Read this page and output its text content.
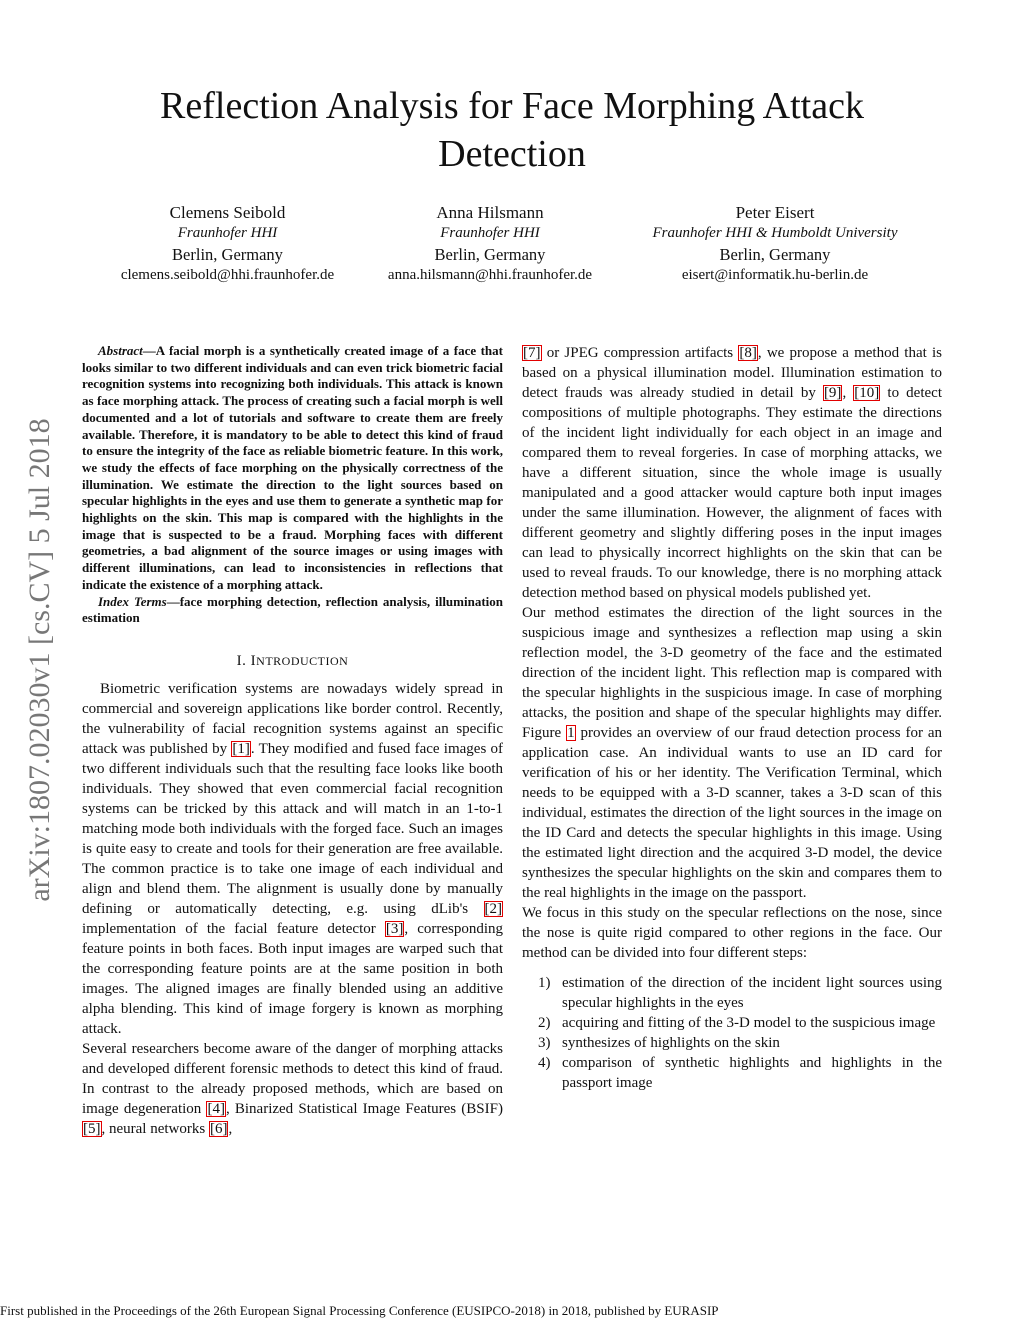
Reflection Analysis for Face Morphing Attack Detection
Clemens Seibold
Fraunhofer HHI
Berlin, Germany
clemens.seibold@hhi.fraunhofer.de
Anna Hilsmann
Fraunhofer HHI
Berlin, Germany
anna.hilsmann@hhi.fraunhofer.de
Peter Eisert
Fraunhofer HHI & Humboldt University
Berlin, Germany
eisert@informatik.hu-berlin.de
arXiv:1807.02030v1 [cs.CV] 5 Jul 2018

Abstract—A facial morph is a synthetically created image of a face that looks similar to two different individuals and can even trick biometric facial recognition systems into recognizing both individuals. This attack is known as face morphing attack. The process of creating such a facial morph is well documented and a lot of tutorials and software to create them are freely available. Therefore, it is mandatory to be able to detect this kind of fraud to ensure the integrity of the face as reliable biometric feature. In this work, we study the effects of face morphing on the physically correctness of the illumination. We estimate the direction to the light sources based on specular highlights in the eyes and use them to generate a synthetic map for highlights on the skin. This map is compared with the highlights in the image that is suspected to be a fraud. Morphing faces with different geometries, a bad alignment of the source images or using images with different illuminations, can lead to inconsistencies in reflections that indicate the existence of a morphing attack.

Index Terms—face morphing detection, reflection analysis, illumination estimation

I. INTRODUCTION

Biometric verification systems are nowadays widely spread in commercial and sovereign applications like border control. Recently, the vulnerability of facial recognition systems against an specific attack was published by [1]. They modified and fused face images of two different individuals such that the resulting face looks like booth individuals. They showed that even commercial facial recognition systems can be tricked by this attack and will match in an 1-to-1 matching mode both individuals with the forged face. Such an images is quite easy to create and tools for their generation are free available. The common practice is to take one image of each individual and align and blend them. The alignment is usually done by manually defining or automatically detecting, e.g. using dLib's [2] implementation of the facial feature detector [3], corresponding feature points in both faces. Both input images are warped such that the corresponding feature points are at the same position in both images. The aligned images are finally blended using an additive alpha blending. This kind of image forgery is known as morphing attack.

Several researchers become aware of the danger of morphing attacks and developed different forensic methods to detect this kind of fraud. In contrast to the already proposed methods, which are based on image degeneration [4], Binarized Statistical Image Features (BSIF) [5], neural networks [6],

[7] or JPEG compression artifacts [8], we propose a method that is based on a physical illumination model. Illumination estimation to detect frauds was already studied in detail by [9], [10] to detect compositions of multiple photographs. They estimate the directions of the incident light individually for each object in an image and compared them to reveal forgeries. In case of morphing attacks, we have a different situation, since the whole image is usually manipulated and a good attacker would capture both input images under the same illumination. However, the alignment of faces with different geometry and slightly differing poses in the input images can lead to physically incorrect highlights on the skin that can be used to reveal frauds. To our knowledge, there is no morphing attack detection method based on physical models published yet.

Our method estimates the direction of the light sources in the suspicious image and synthesizes a reflection map using a skin reflection model, the 3-D geometry of the face and the estimated direction of the incident light. This reflection map is compared with the specular highlights in the suspicious image. In case of morphing attacks, the position and shape of the specular highlights may differ. Figure 1 provides an overview of our fraud detection process for an application case. An individual wants to use an ID card for verification of his or her identity. The Verification Terminal, which needs to be equipped with a 3-D scanner, takes a 3-D scan of this individual, estimates the direction of the light sources in the image on the ID Card and detects the specular highlights in this image. Using the estimated light direction and the acquired 3-D model, the device synthesizes the specular highlights on the skin and compares them to the real highlights in the image on the passport.

We focus in this study on the specular reflections on the nose, since the nose is quite rigid compared to other regions in the face. Our method can be divided into four different steps:

1) estimation of the direction of the incident light sources using specular highlights in the eyes
2) acquiring and fitting of the 3-D model to the suspicious image
3) synthesizes of highlights on the skin
4) comparison of synthetic highlights and highlights in the passport image
First published in the Proceedings of the 26th European Signal Processing Conference (EUSIPCO-2018) in 2018, published by EURASIP
